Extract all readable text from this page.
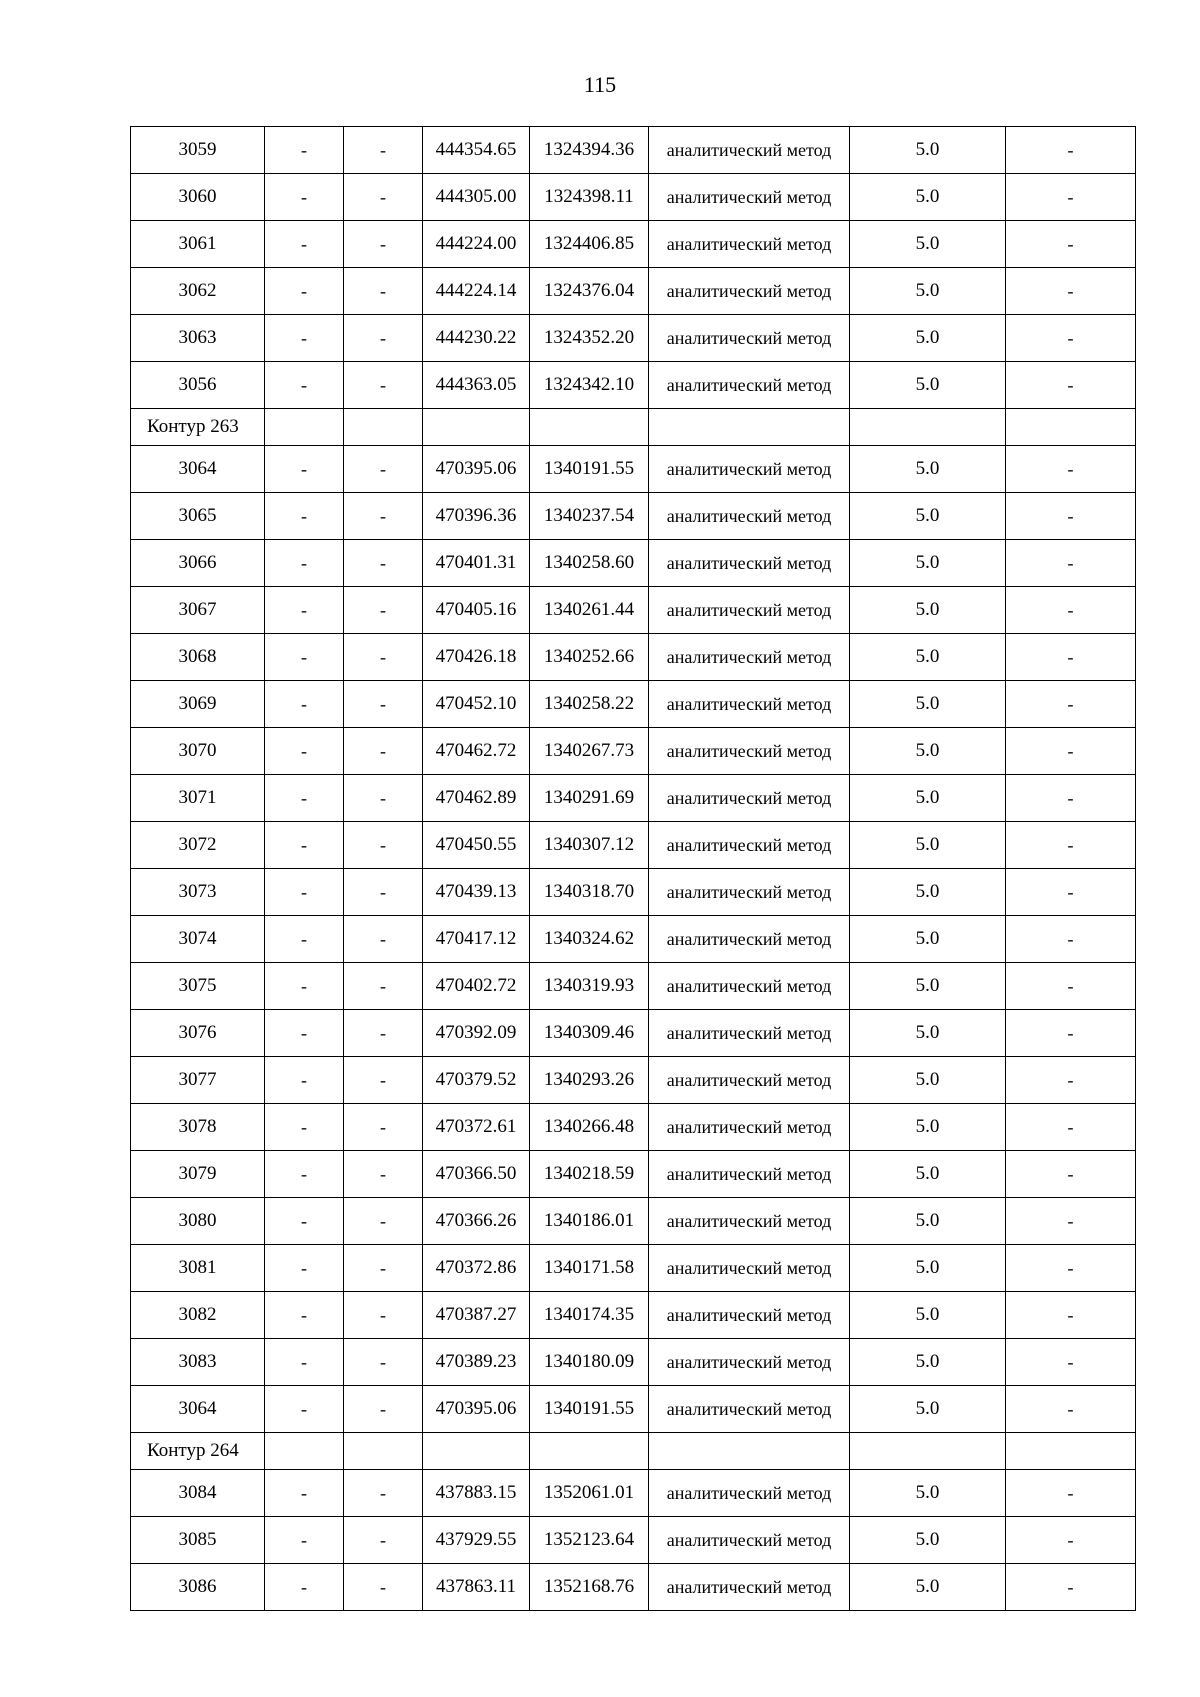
115
3059	-	-	444354.65	1324394.36	аналитический метод	5.0	-
3060	-	-	444305.00	1324398.11	аналитический метод	5.0	-
3061	-	-	444224.00	1324406.85	аналитический метод	5.0	-
3062	-	-	444224.14	1324376.04	аналитический метод	5.0	-
3063	-	-	444230.22	1324352.20	аналитический метод	5.0	-
3056	-	-	444363.05	1324342.10	аналитический метод	5.0	-
Контур 263							
3064	-	-	470395.06	1340191.55	аналитический метод	5.0	-
3065	-	-	470396.36	1340237.54	аналитический метод	5.0	-
3066	-	-	470401.31	1340258.60	аналитический метод	5.0	-
3067	-	-	470405.16	1340261.44	аналитический метод	5.0	-
3068	-	-	470426.18	1340252.66	аналитический метод	5.0	-
3069	-	-	470452.10	1340258.22	аналитический метод	5.0	-
3070	-	-	470462.72	1340267.73	аналитический метод	5.0	-
3071	-	-	470462.89	1340291.69	аналитический метод	5.0	-
3072	-	-	470450.55	1340307.12	аналитический метод	5.0	-
3073	-	-	470439.13	1340318.70	аналитический метод	5.0	-
3074	-	-	470417.12	1340324.62	аналитический метод	5.0	-
3075	-	-	470402.72	1340319.93	аналитический метод	5.0	-
3076	-	-	470392.09	1340309.46	аналитический метод	5.0	-
3077	-	-	470379.52	1340293.26	аналитический метод	5.0	-
3078	-	-	470372.61	1340266.48	аналитический метод	5.0	-
3079	-	-	470366.50	1340218.59	аналитический метод	5.0	-
3080	-	-	470366.26	1340186.01	аналитический метод	5.0	-
3081	-	-	470372.86	1340171.58	аналитический метод	5.0	-
3082	-	-	470387.27	1340174.35	аналитический метод	5.0	-
3083	-	-	470389.23	1340180.09	аналитический метод	5.0	-
3064	-	-	470395.06	1340191.55	аналитический метод	5.0	-
Контур 264							
3084	-	-	437883.15	1352061.01	аналитический метод	5.0	-
3085	-	-	437929.55	1352123.64	аналитический метод	5.0	-
3086	-	-	437863.11	1352168.76	аналитический метод	5.0	-
